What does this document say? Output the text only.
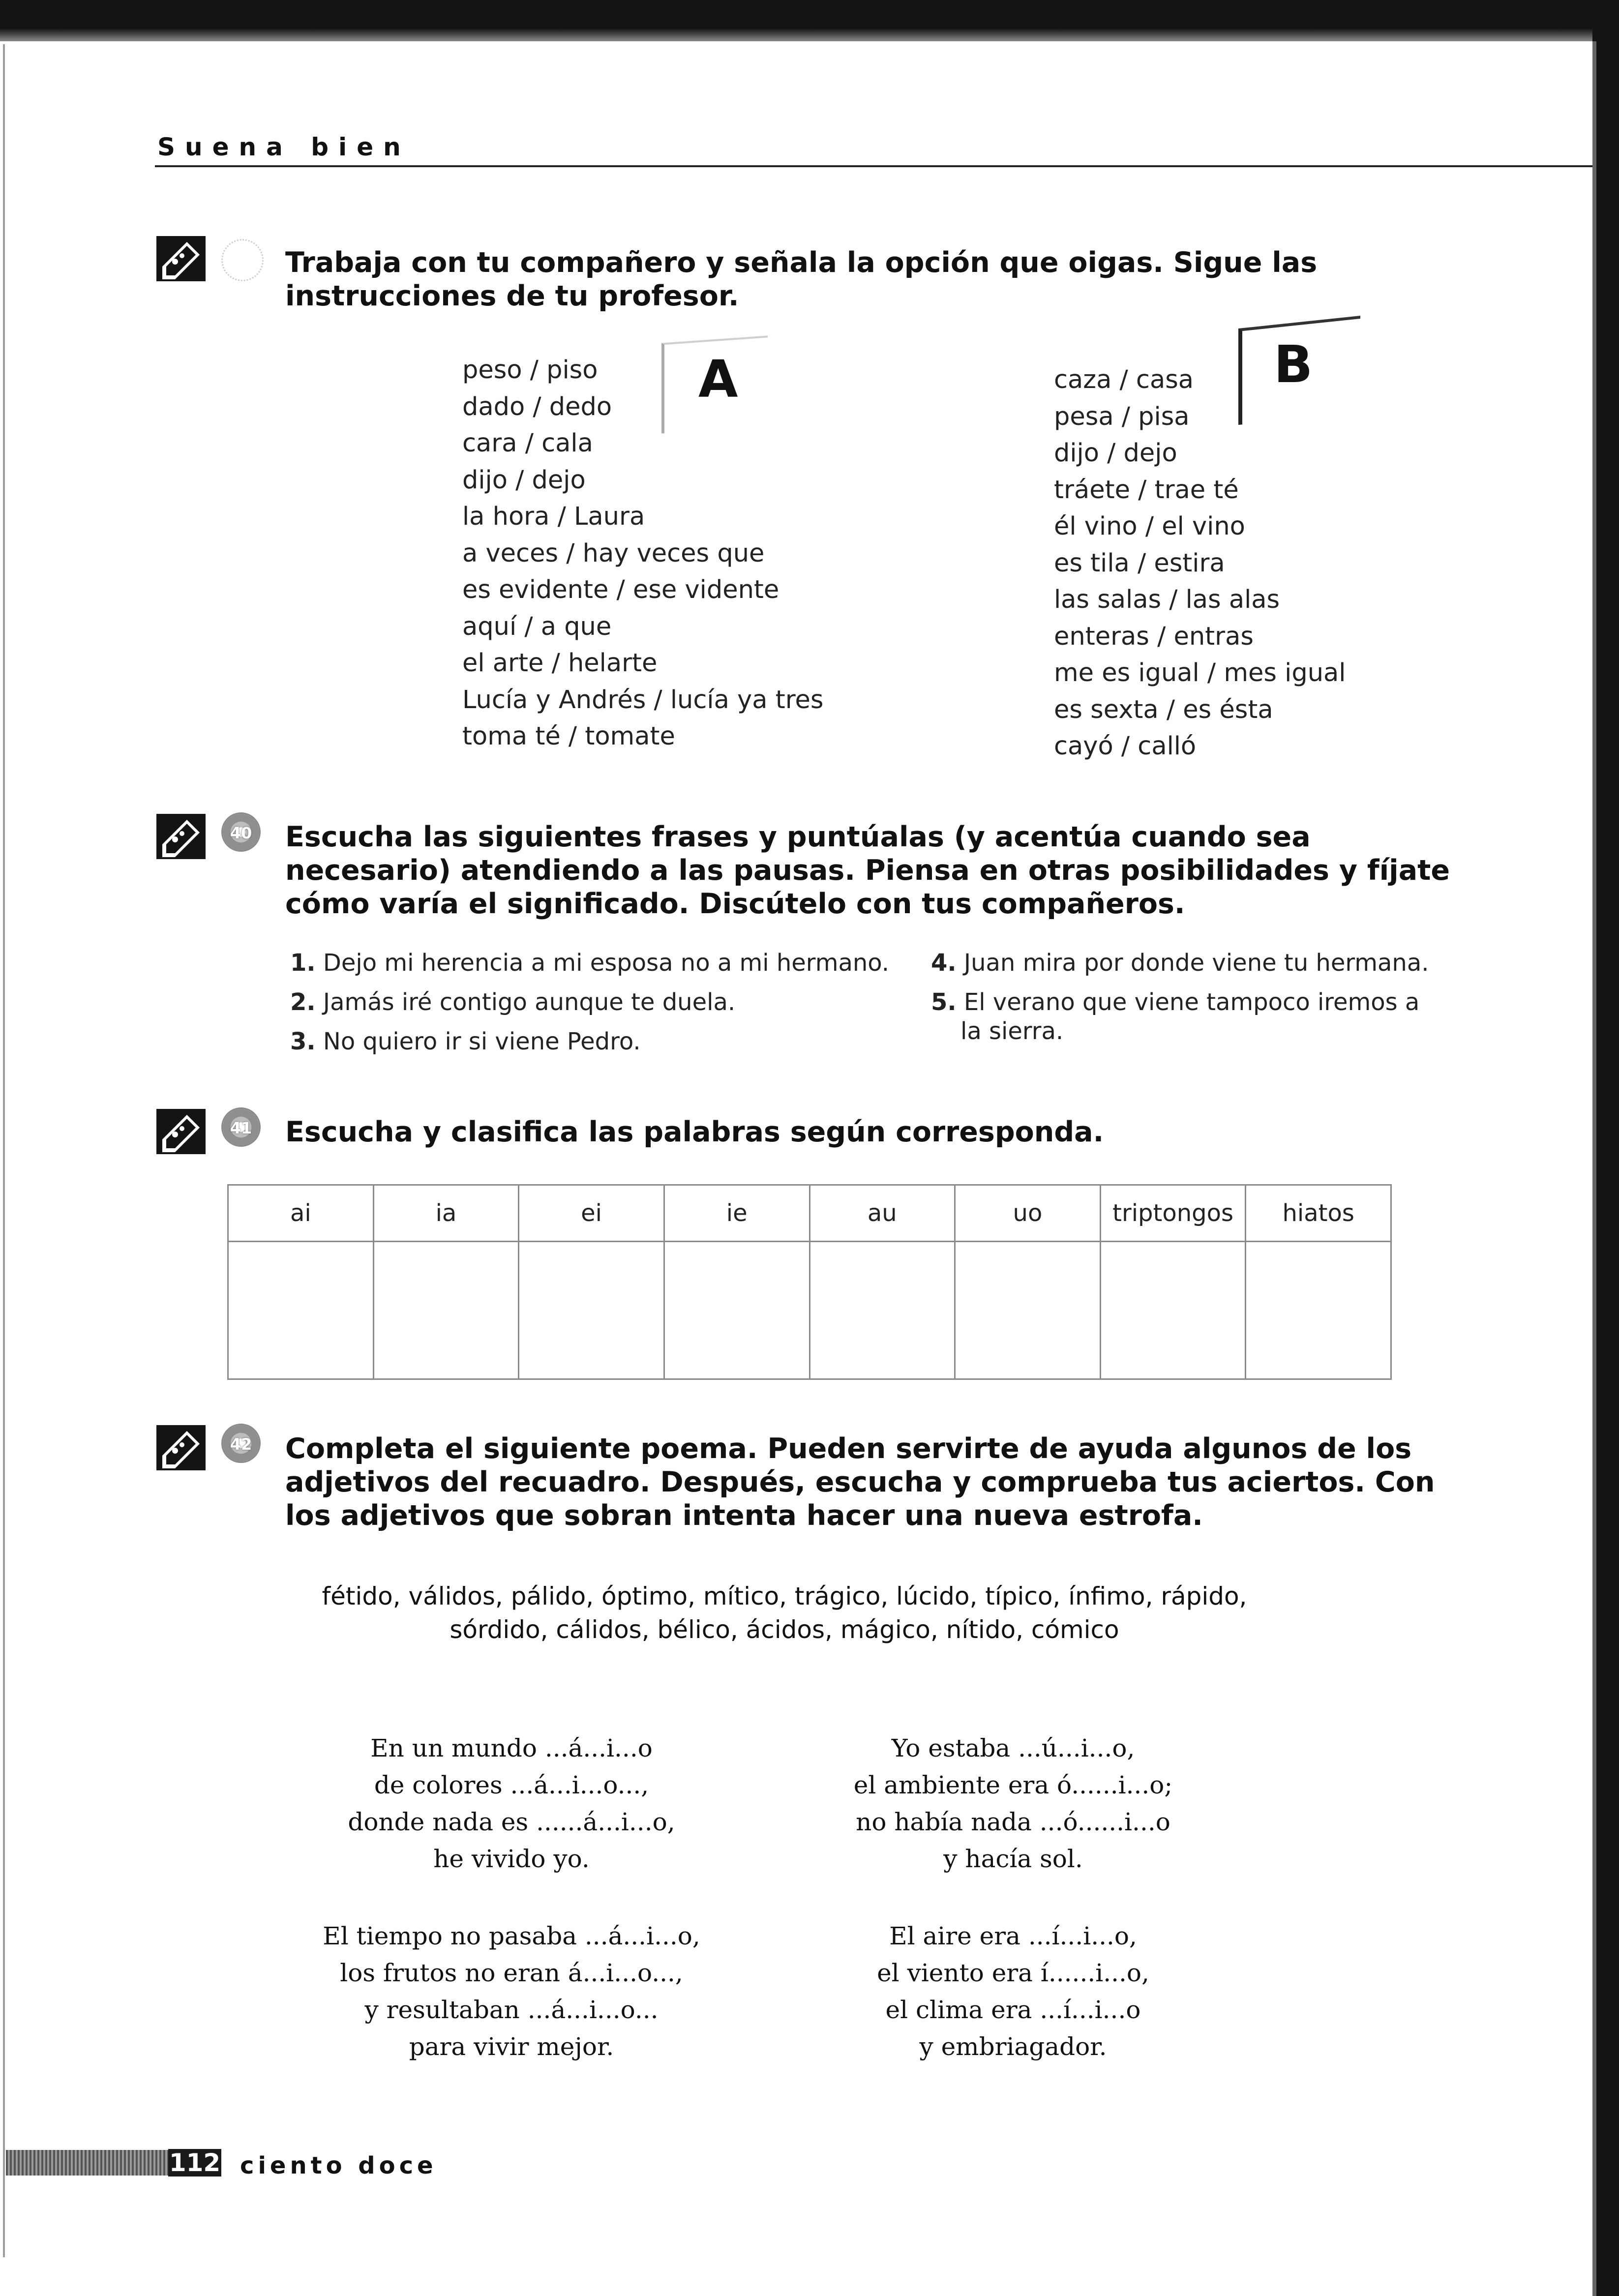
Suena bien
Trabaja con tu compañero y señala la opción que oigas. Sigue las instrucciones de tu profesor.
A
peso / piso
dado / dedo
cara / cala
dijo / dejo
la hora / Laura
a veces / hay veces que
es evidente / ese vidente
aquí / a que
el arte / helarte
Lucía y Andrés / lucía ya tres
toma té / tomate
B
caza / casa
pesa / pisa
dijo / dejo
tráete / trae té
él vino / el vino
es tila / estira
las salas / las alas
enteras / entras
me es igual / mes igual
es sexta / es ésta
cayó / calló
40 Escucha las siguientes frases y puntúalas (y acentúa cuando sea necesario) atendiendo a las pausas. Piensa en otras posibilidades y fíjate cómo varía el significado. Discútelo con tus compañeros.
1. Dejo mi herencia a mi esposa no a mi hermano.
2. Jamás iré contigo aunque te duela.
3. No quiero ir si viene Pedro.
4. Juan mira por donde viene tu hermana.
5. El verano que viene tampoco iremos a
la sierra.
41 Escucha y clasifica las palabras según corresponda.
ai	ia	ei	ie	au	uo	triptongos	hiatos

42 Completa el siguiente poema. Pueden servirte de ayuda algunos de los adjetivos del recuadro. Después, escucha y comprueba tus aciertos. Con los adjetivos que sobran intenta hacer una nueva estrofa.
fétido, válidos, pálido, óptimo, mítico, trágico, lúcido, típico, ínfimo, rápido,
sórdido, cálidos, bélico, ácidos, mágico, nítido, cómico
En un mundo ...á...i...o
de colores ...á...i...o...,
donde nada es ......á...i...o,
he vivido yo.
Yo estaba ...ú...i...o,
el ambiente era ó......i...o;
no había nada ...ó......i...o
y hacía sol.
El tiempo no pasaba ...á...i...o,
los frutos no eran á...i...o...,
y resultaban ...á...i...o...
para vivir mejor.
El aire era ...í...i...o,
el viento era í......i...o,
el clima era ...í...i...o
y embriagador.
112 ciento doce
